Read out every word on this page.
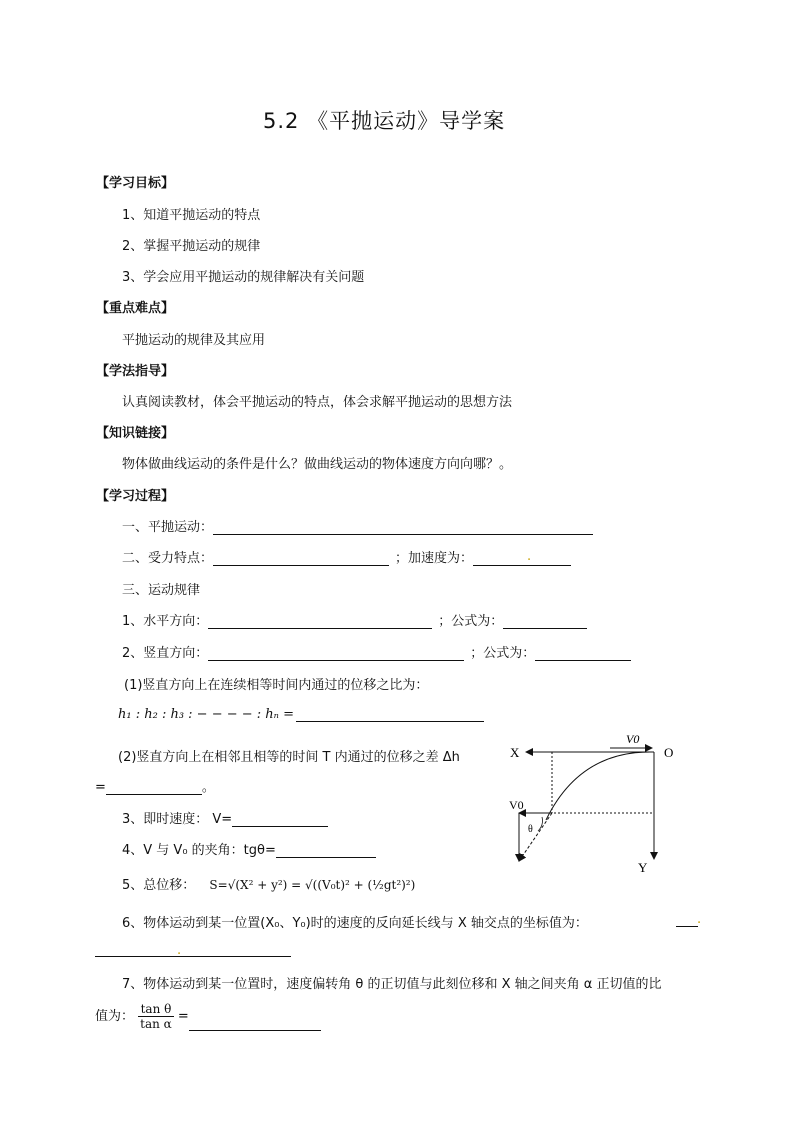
5.2 《平抛运动》导学案
【学习目标】
1、知道平抛运动的特点
2、掌握平抛运动的规律
3、学会应用平抛运动的规律解决有关问题
【重点难点】
平抛运动的规律及其应用
【学法指导】
认真阅读教材，体会平抛运动的特点，体会求解平抛运动的思想方法
【知识链接】
物体做曲线运动的条件是什么？做曲线运动的物体速度方向向哪？。
【学习过程】
一、平抛运动：
二、受力特点：	；加速度为：	.
三、运动规律
1、水平方向：	；公式为：
2、竖直方向：	；公式为：
(1)竖直方向上在连续相等时间内通过的位移之比为：
h₁ : h₂ : h₃ : − − − − : hₙ =
(2)竖直方向上在相邻且相等的时间 T 内通过的位移之差 Δh
=	。
3、即时速度： V=
4、V 与 V₀ 的夹角：tgθ=
5、总位移： S=√(X² + y²) = √((V₀t)² + (½gt²)²)
6、物体运动到某一位置(X₀、Y₀)时的速度的反向延长线与 X 轴交点的坐标值为：	.
.
7、物体运动到某一位置时，速度偏转角 θ 的正切值与此刻位移和 X 轴之间夹角 α 正切值的比
值为： $\frac{\text{tan θ}}{\text{tan α}}$ =
X	O
Y
V0
V0
θ
